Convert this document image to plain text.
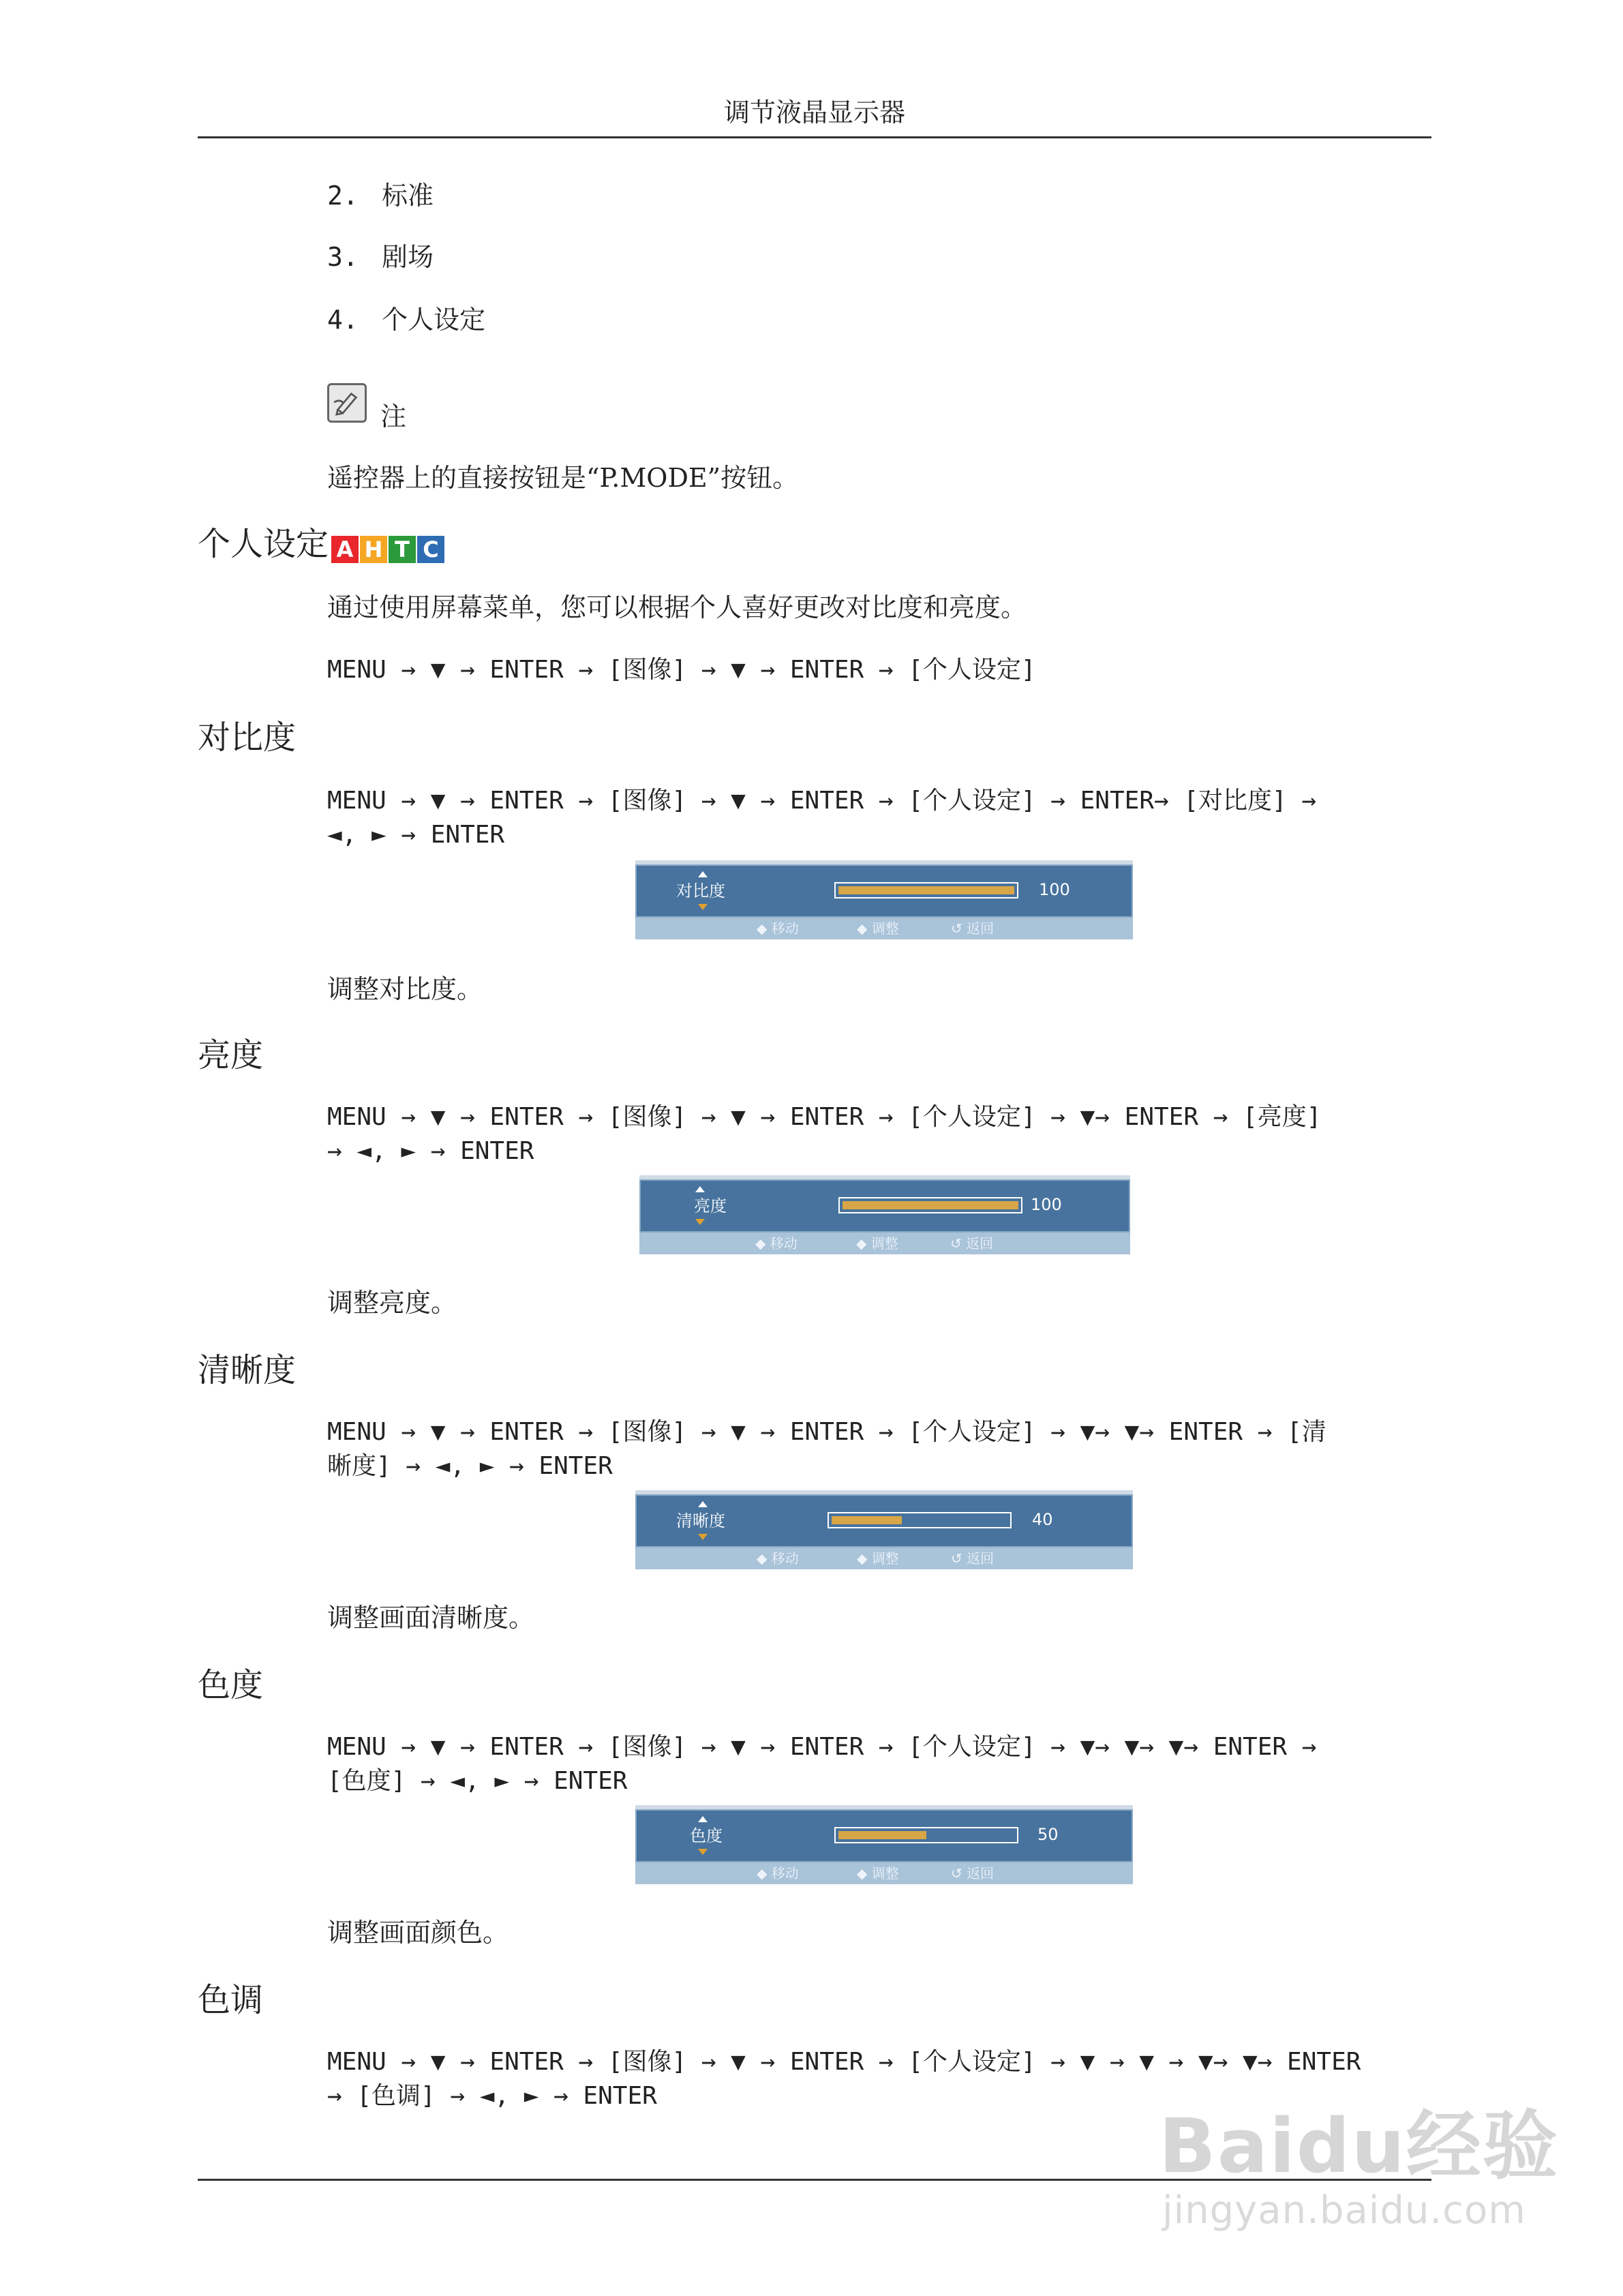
调节液晶显示器
2. 标准
3. 剧场
4. 个人设定
注
遥控器上的直接按钮是“P.MODE”按钮。
个人设定 A H T C
通过使用屏幕菜单，您可以根据个人喜好更改对比度和亮度。
MENU → ▼ → ENTER → [图像] → ▼ → ENTER → [个人设定]
对比度
MENU → ▼ → ENTER → [图像] → ▼ → ENTER → [个人设定] → ENTER→ [对比度] →
◄, ► → ENTER
对比度	100
◆ 移动	◆ 调整	↺ 返回
调整对比度。
亮度
MENU → ▼ → ENTER → [图像] → ▼ → ENTER → [个人设定] → ▼→ ENTER → [亮度]
→ ◄, ► → ENTER
亮度	100
◆ 移动	◆ 调整	↺ 返回
调整亮度。
清晰度
MENU → ▼ → ENTER → [图像] → ▼ → ENTER → [个人设定] → ▼→ ▼→ ENTER → [清
晰度] → ◄, ► → ENTER
清晰度	40
◆ 移动	◆ 调整	↺ 返回
调整画面清晰度。
色度
MENU → ▼ → ENTER → [图像] → ▼ → ENTER → [个人设定] → ▼→ ▼→ ▼→ ENTER →
[色度] → ◄, ► → ENTER
色度	50
◆ 移动	◆ 调整	↺ 返回
调整画面颜色。
色调
MENU → ▼ → ENTER → [图像] → ▼ → ENTER → [个人设定] → ▼ → ▼ → ▼→ ▼→ ENTER
→ [色调] → ◄, ► → ENTER
Baidu经验
jingyan.baidu.com
